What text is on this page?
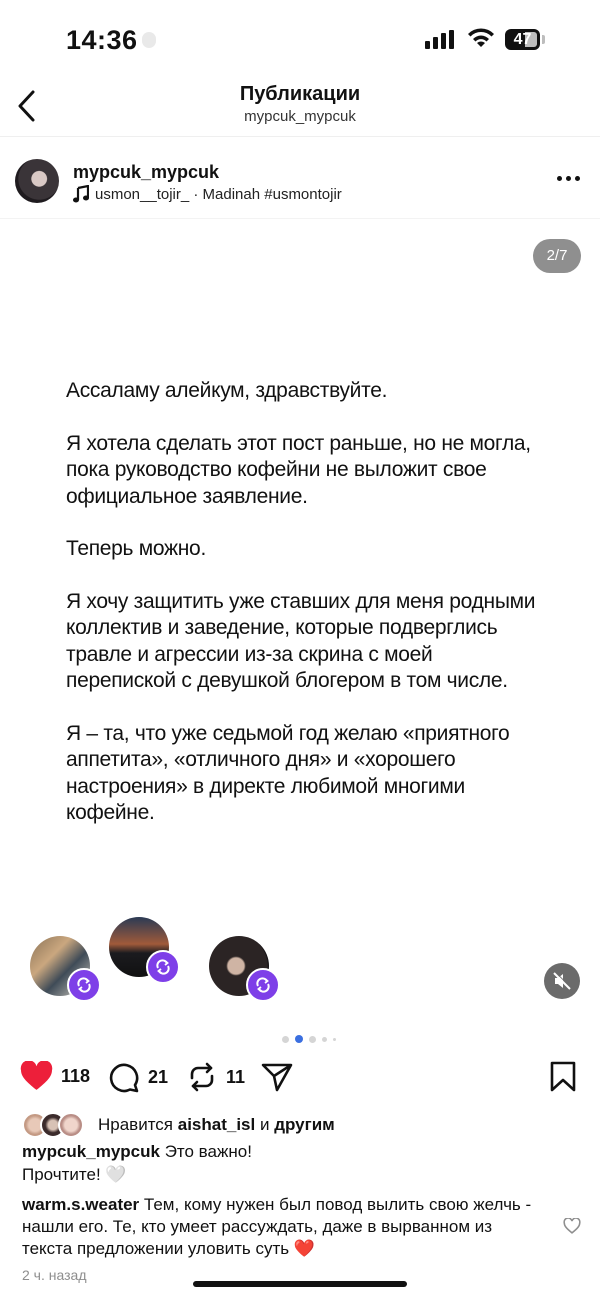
14:36	47
Публикации
mypcuk_mypcuk
mypcuk_mypcuk
usmon__tojir_ · Madinah #usmontojir
2/7

Ассаламу алейкум, здравствуйте.

Я хотела сделать этот пост раньше, но не могла, пока руководство кофейни не выложит свое официальное заявление.

Теперь можно.

Я хочу защитить уже ставших для меня родными коллектив и заведение, которые подверглись травле и агрессии из-за скрина с моей перепиской с девушкой блогером в том числе.

Я – та, что уже седьмой год желаю «приятного аппетита», «отличного дня» и «хорошего настроения» в директе любимой многими кофейне.

118	21	11
Нравится
aishat_isl
и
другим
mypcuk_mypcuk Это важно!
Прочтите! 🤍
warm.s.weater Тем, кому нужен был повод вылить свою желчь - нашли его. Те, кто умеет рассуждать, даже в вырванном из текста предложении уловить суть ❤️
2 ч. назад
